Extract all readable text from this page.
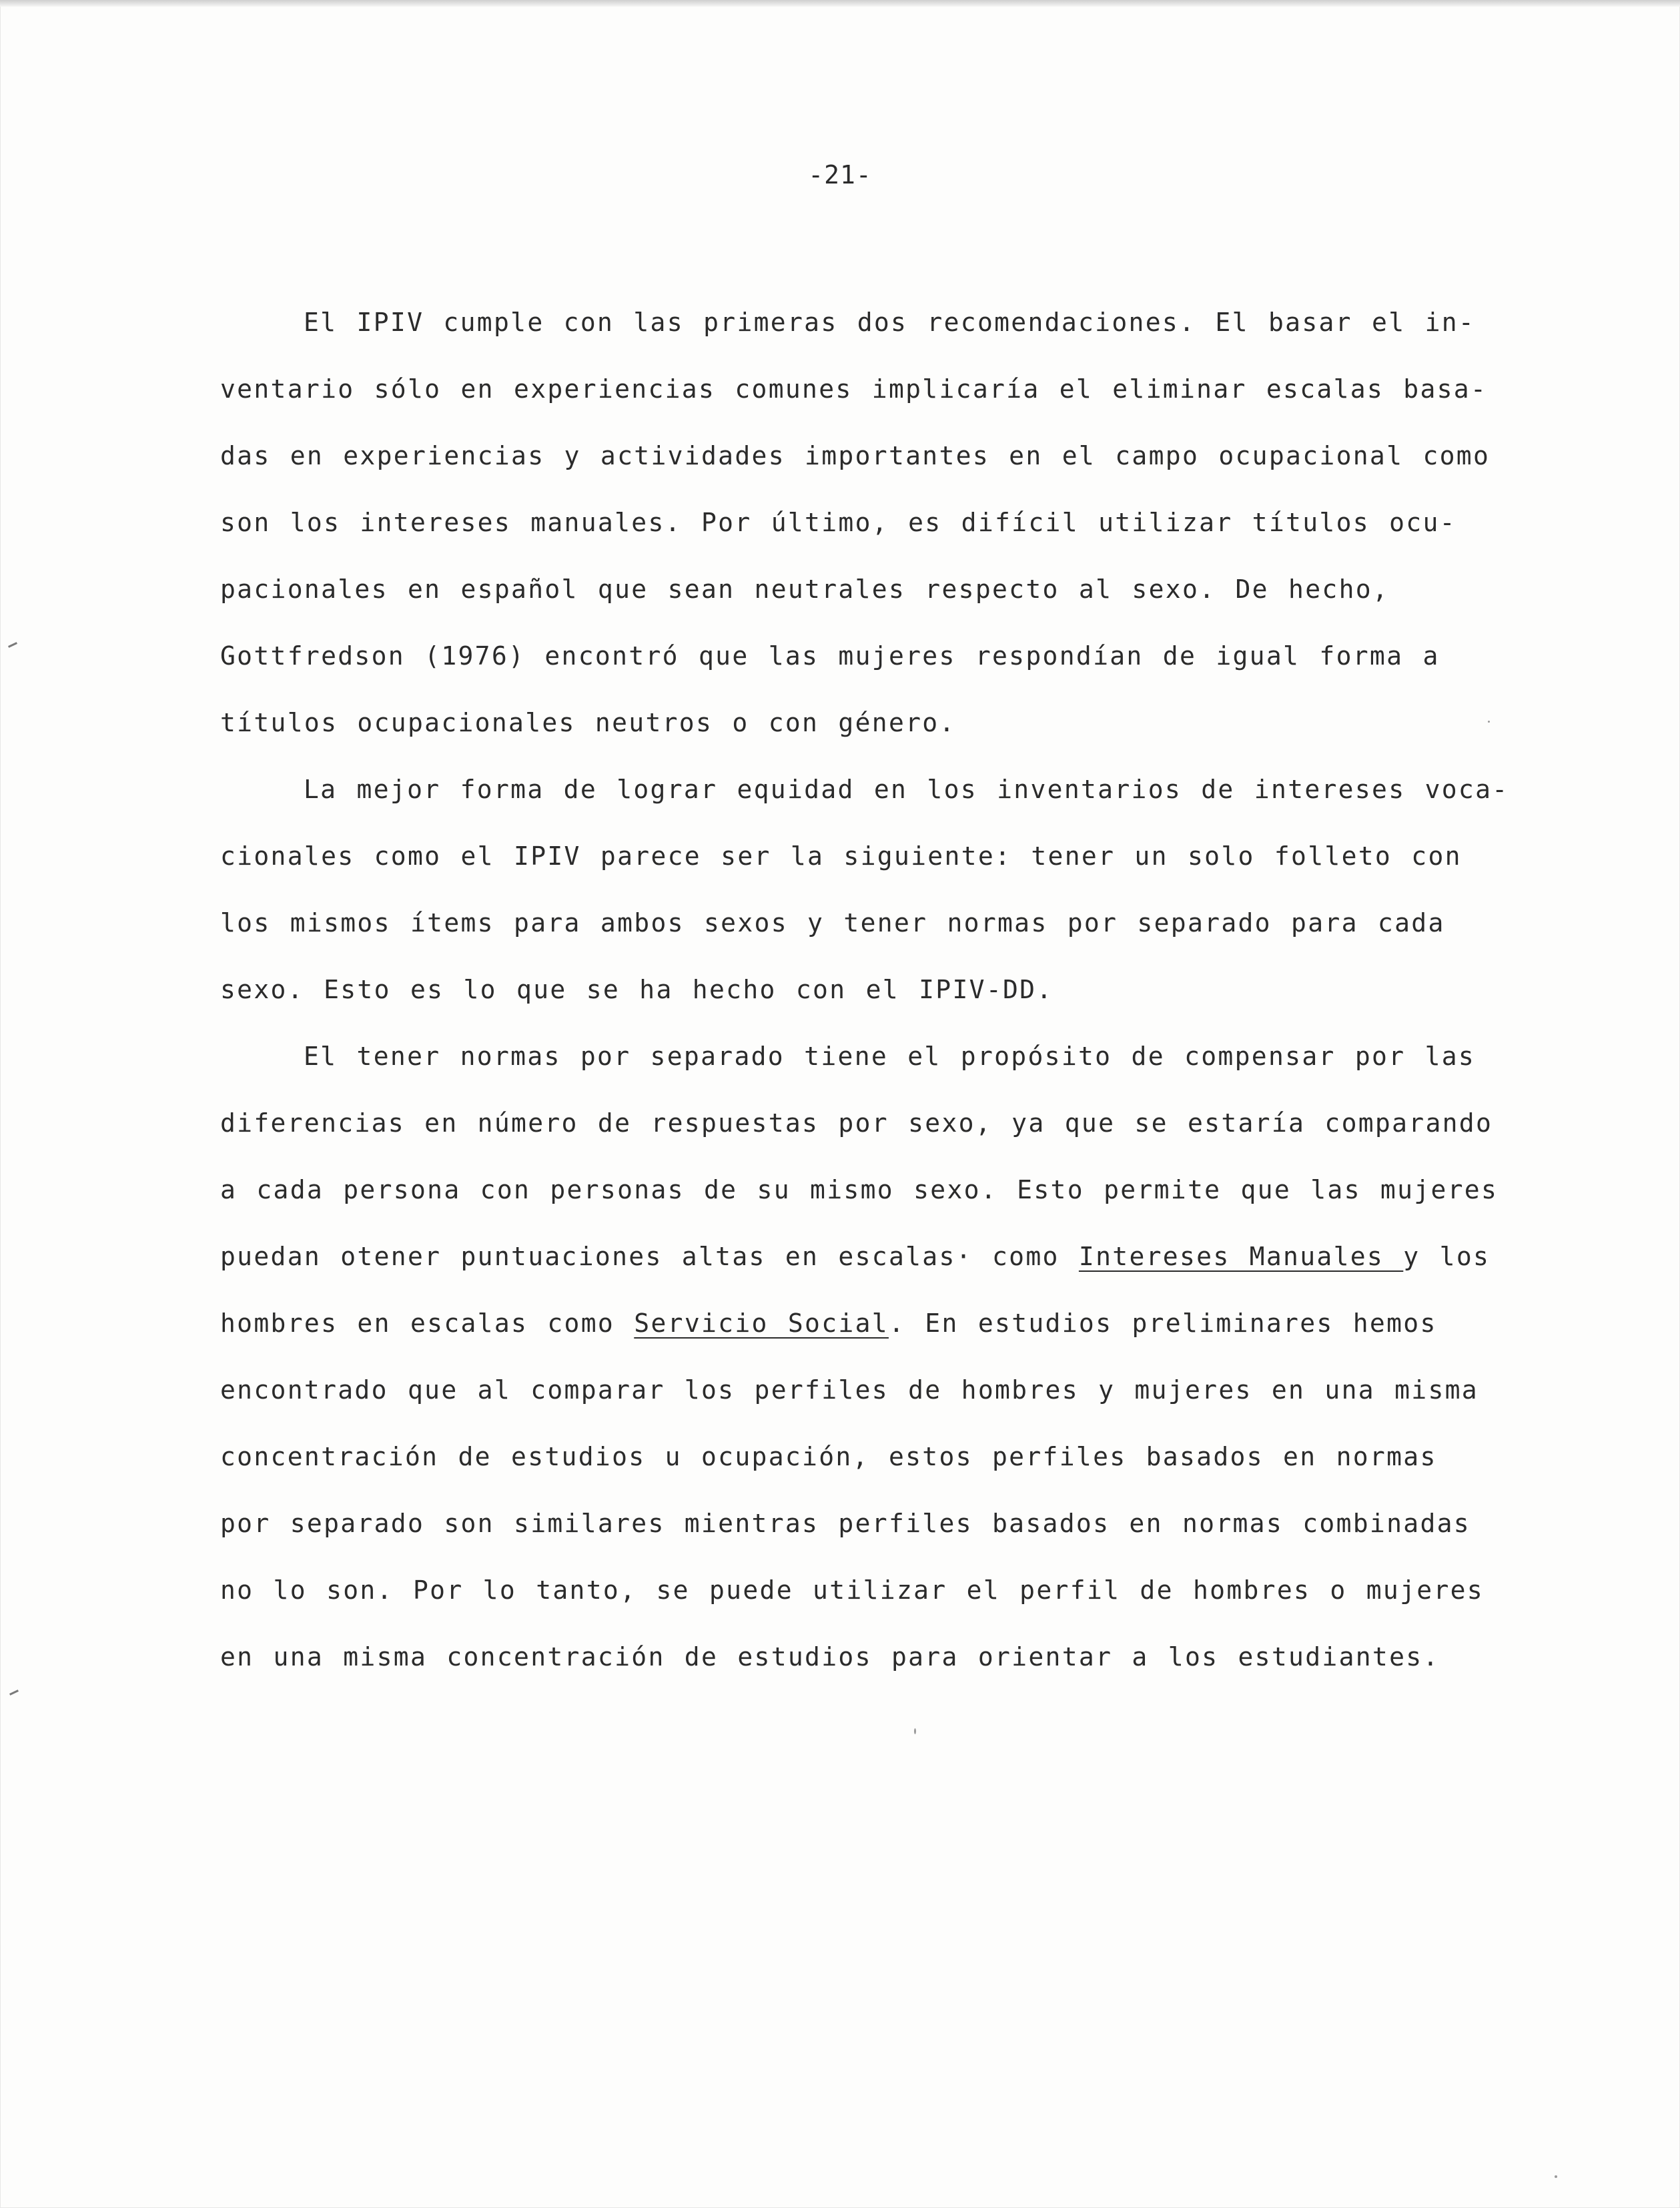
-21-
El IPIV cumple con las primeras dos recomendaciones. El basar el in-
ventario sólo en experiencias comunes implicaría el eliminar escalas basa-
das en experiencias y actividades importantes en el campo ocupacional como
son los intereses manuales. Por último, es difícil utilizar títulos ocu-
pacionales en español que sean neutrales respecto al sexo. De hecho,
Gottfredson (1976) encontró que las mujeres respondían de igual forma a
títulos ocupacionales neutros o con género.
La mejor forma de lograr equidad en los inventarios de intereses voca-
cionales como el IPIV parece ser la siguiente: tener un solo folleto con
los mismos ítems para ambos sexos y tener normas por separado para cada
sexo. Esto es lo que se ha hecho con el IPIV-DD.
El tener normas por separado tiene el propósito de compensar por las
diferencias en número de respuestas por sexo, ya que se estaría comparando
a cada persona con personas de su mismo sexo. Esto permite que las mujeres
puedan otener puntuaciones altas en escalas· como Intereses Manuales y los
hombres en escalas como Servicio Social. En estudios preliminares hemos
encontrado que al comparar los perfiles de hombres y mujeres en una misma
concentración de estudios u ocupación, estos perfiles basados en normas
por separado son similares mientras perfiles basados en normas combinadas
no lo son. Por lo tanto, se puede utilizar el perfil de hombres o mujeres
en una misma concentración de estudios para orientar a los estudiantes.
